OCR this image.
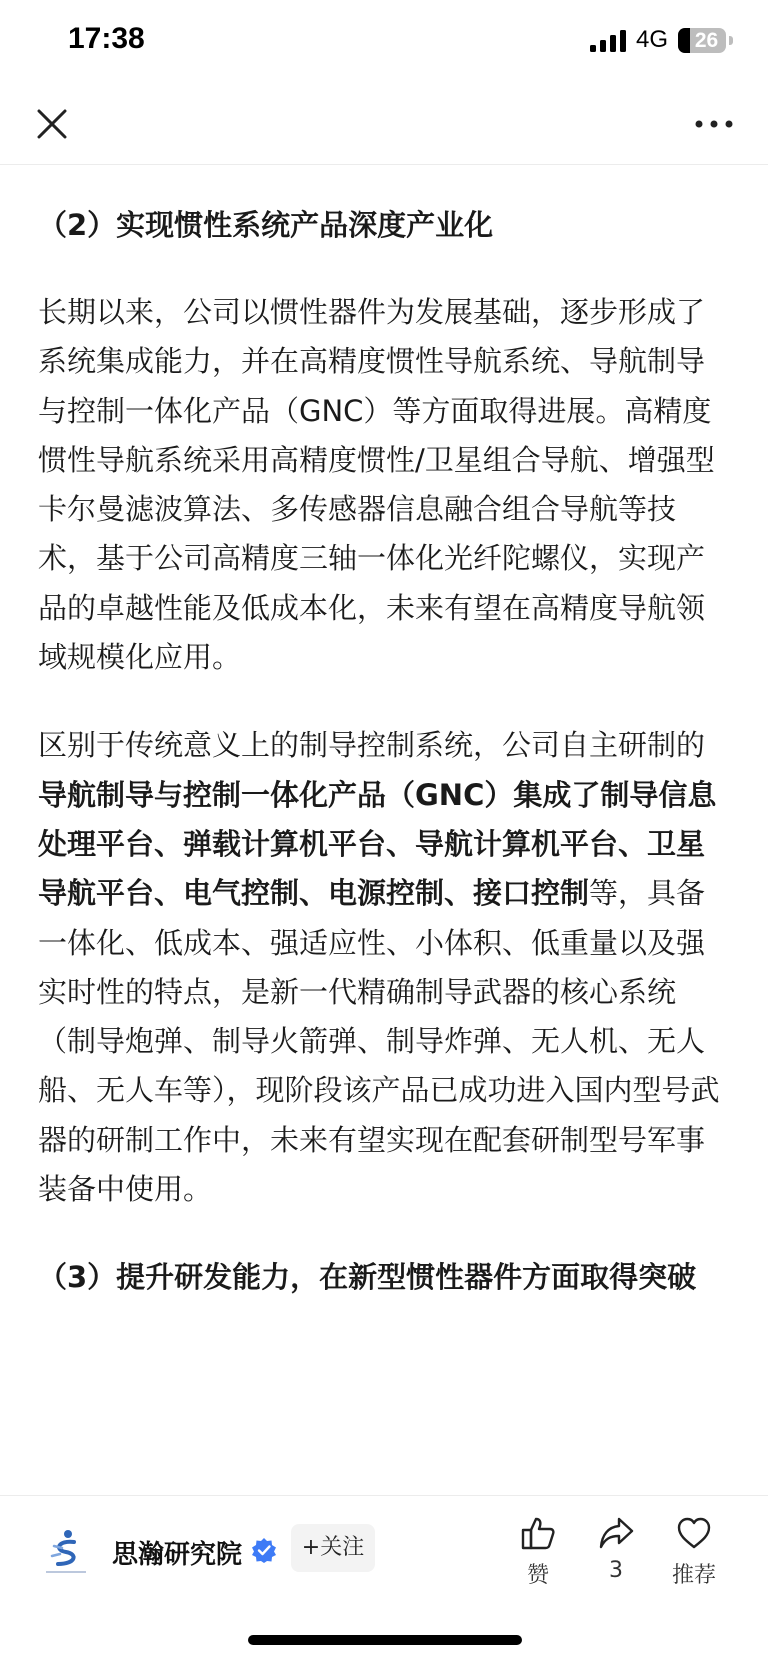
17:38	4G	26

（2）实现惯性系统产品深度产业化

长期以来，公司以惯性器件为发展基础，逐步形成了系统集成能力，并在高精度惯性导航系统、导航制导与控制一体化产品（GNC）等方面取得进展。高精度惯性导航系统采用高精度惯性/卫星组合导航、增强型卡尔曼滤波算法、多传感器信息融合组合导航等技术，基于公司高精度三轴一体化光纤陀螺仪，实现产品的卓越性能及低成本化，未来有望在高精度导航领域规模化应用。

区别于传统意义上的制导控制系统，公司自主研制的导航制导与控制一体化产品（GNC）集成了制导信息处理平台、弹载计算机平台、导航计算机平台、卫星导航平台、电气控制、电源控制、接口控制等，具备一体化、低成本、强适应性、小体积、低重量以及强实时性的特点，是新一代精确制导武器的核心系统（制导炮弹、制导火箭弹、制导炸弹、无人机、无人船、无人车等），现阶段该产品已成功进入国内型号武器的研制工作中，未来有望实现在配套研制型号军事装备中使用。

（3）提升研发能力，在新型惯性器件方面取得突破

思瀚研究院	+关注
赞	3	推荐
